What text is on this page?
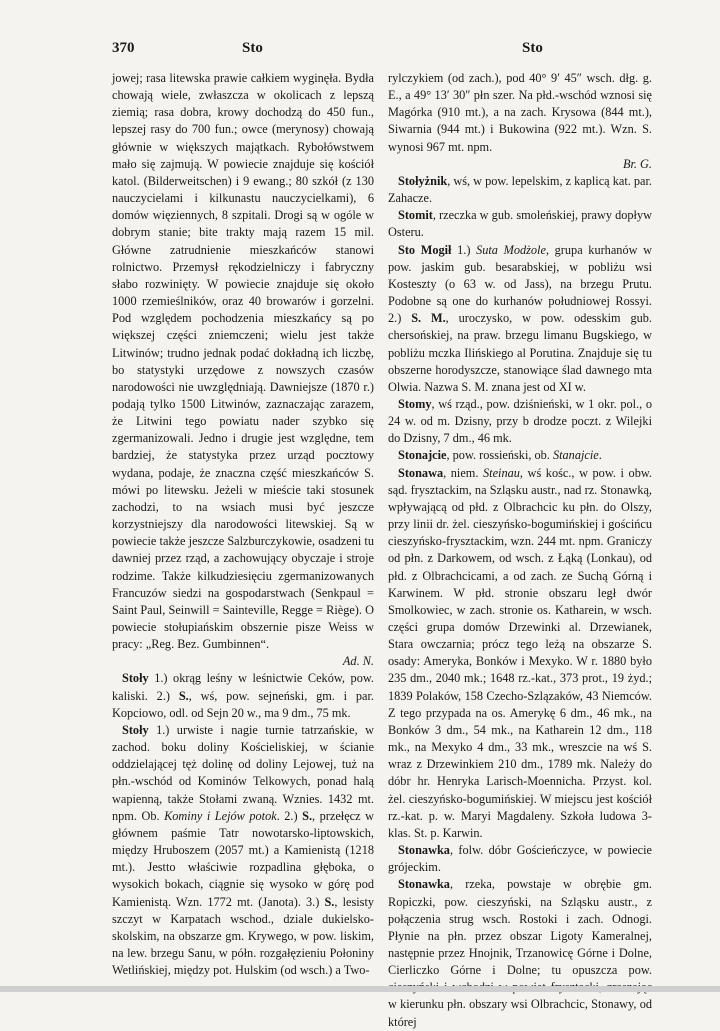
370	Sto	Sto

jowej; rasa litewska prawie całkiem wyginęła. Bydła chowają wiele, zwłaszcza w okolicach z lepszą ziemią; rasa dobra, krowy dochodzą do 450 fun., lepszej rasy do 700 fun.; owce (merynosy) chowają głównie w większych majątkach. Rybołówstwem mało się zajmują. W powiecie znajduje się kościół katol. (Bilderweitschen) i 9 ewang.; 80 szkół (z 130 nauczycielami i kilkunastu nauczycielkami), 6 domów więziennych, 8 szpitali. Drogi są w ogóle w dobrym stanie; bite trakty mają razem 15 mil. Główne zatrudnienie mieszkańców stanowi rolnictwo. Przemysł rękodzielniczy i fabryczny słabo rozwinięty. W powiecie znajduje się około 1000 rzemieślników, oraz 40 browarów i gorzelni. Pod względem pochodzenia mieszkańcy są po większej części zniemczeni; wielu jest także Litwinów; trudno jednak podać dokładną ich liczbę, bo statystyki urzędowe z nowszych czasów narodowości nie uwzględniają. Dawniejsze (1870 r.) podają tylko 1500 Litwinów, zaznaczając zarazem, że Litwini tego powiatu nader szybko się zgermanizowali. Jedno i drugie jest względne, tem bardziej, że statystyka przez urząd pocztowy wydana, podaje, że znaczna część mieszkańców S. mówi po litewsku. Jeżeli w mieście taki stosunek zachodzi, to na wsiach musi być jeszcze korzystniejszy dla narodowości litewskiej. Są w powiecie także jeszcze Salzburczykowie, osadzeni tu dawniej przez rząd, a zachowujący obyczaje i stroje rodzime. Także kilkudziesięciu zgermanizowanych Francuzów siedzi na gospodarstwach (Senkpaul = Saint Paul, Seinwill = Sainteville, Regge = Riège). O powiecie stołupiańskim obszernie pisze Weiss w pracy: „Reg. Bez. Gumbinnen“.

Ad. N.

Stoły 1.) okrąg leśny w leśnictwie Ceków, pow. kaliski. 2.) S., wś, pow. sejneński, gm. i par. Kopciowo, odl. od Sejn 20 w., ma 9 dm., 75 mk.

Stoły 1.) urwiste i nagie turnie tatrzańskie, w zachod. boku doliny Kościeliskiej, w ścianie oddzielającej tęż dolinę od doliny Lejowej, tuż na płn.-wschód od Kominów Telkowych, ponad halą wapienną, także Stołami zwaną. Wznies. 1432 mt. npm. Ob. Kominy i Lejów potok. 2.) S., przełęcz w głównem paśmie Tatr nowotarsko-liptowskich, między Hruboszem (2057 mt.) a Kamienistą (1218 mt.). Jestto właściwie rozpadlina głęboka, o wysokich bokach, ciągnie się wysoko w górę pod Kamienistą. Wzn. 1772 mt. (Janota). 3.) S., lesisty szczyt w Karpatach wschod., dziale dukielsko-skolskim, na obszarze gm. Krywego, w pow. liskim, na lew. brzegu Sanu, w półn. rozgałęzieniu Połoniny Wetlińskiej, między pot. Hulskim (od wsch.) a Two-

rylczykiem (od zach.), pod 40° 9′ 45″ wsch. dłg. g. E., a 49° 13′ 30″ płn szer. Na płd.-wschód wznosi się Magórka (910 mt.), a na zach. Krysowa (844 mt.), Siwarnia (944 mt.) i Bukowina (922 mt.). Wzn. S. wynosi 967 mt. npm.

Br. G.

Stołyżnik, wś, w pow. lepelskim, z kaplicą kat. par. Zahacze.

Stomit, rzeczka w gub. smoleńskiej, prawy dopływ Osteru.

Sto Mogił 1.) Suta Modżole, grupa kurhanów w pow. jaskim gub. besarabskiej, w pobliżu wsi Kosteszty (o 63 w. od Jass), na brzegu Prutu. Podobne są one do kurhanów południowej Rossyi. 2.) S. M., uroczysko, w pow. odesskim gub. chersońskiej, na praw. brzegu limanu Bugskiego, w pobliżu mczka Ilińskiego al Porutina. Znajduje się tu obszerne horodyszcze, stanowiące ślad dawnego mta Olwia. Nazwa S. M. znana jest od XI w.

Stomy, wś rząd., pow. dziśnieński, w 1 okr. pol., o 24 w. od m. Dzisny, przy b drodze poczt. z Wilejki do Dzisny, 7 dm., 46 mk.

Stonajcie, pow. rossieński, ob. Stanajcie.

Stonawa, niem. Steinau, wś kośc., w pow. i obw. sąd. frysztackim, na Szląsku austr., nad rz. Stonawką, wpływającą od płd. z Olbrachcic ku płn. do Olszy, przy linii dr. żel. cieszyńsko-bogumińskiej i gościńcu cieszyńsko-frysztackim, wzn. 244 mt. npm. Graniczy od płn. z Darkowem, od wsch. z Łąką (Lonkau), od płd. z Olbrachcicami, a od zach. ze Suchą Górną i Karwinem. W płd. stronie obszaru legł dwór Smolkowiec, w zach. stronie os. Katharein, w wsch. części grupa domów Drzewinki al. Drzewianek, Stara owczarnia; prócz tego leżą na obszarze S. osady: Amerykа, Bonków i Mexyko. W r. 1880 było 235 dm., 2040 mk.; 1648 rz.-kat., 373 prot., 19 żyd.; 1839 Polaków, 158 Czecho-Szlązaków, 43 Niemców. Z tego przypada na os. Amerykę 6 dm., 46 mk., na Bonków 3 dm., 54 mk., na Katharein 12 dm., 118 mk., na Mexyko 4 dm., 33 mk., wreszcie na wś S. wraz z Drzewinkiem 210 dm., 1789 mk. Należy do dóbr hr. Henryka Larisch-Moennicha. Przyst. kol. żel. cieszyńsko-bogumińskiej. W miejscu jest kościół rz.-kat. p. w. Maryi Magdaleny. Szkoła ludowa 3-klas. St. p. Karwin.

Stonawka, folw. dóbr Gościeńczyce, w powiecie grójeckim.

Stonawka, rzeka, powstaje w obrębie gm. Ropiczki, pow. cieszyński, na Szląsku austr., z połączenia strug wsch. Rostoki i zach. Odnogi. Płynie na płn. przez obszar Ligoty Kameralnej, następnie przez Hnojnik, Trzanowicę Górne i Dolne, Cierliczko Górne i Dolne; tu opuszcza pow. w kierunku płn. obszary wsi Olbrachcic, Stonawy, od której
